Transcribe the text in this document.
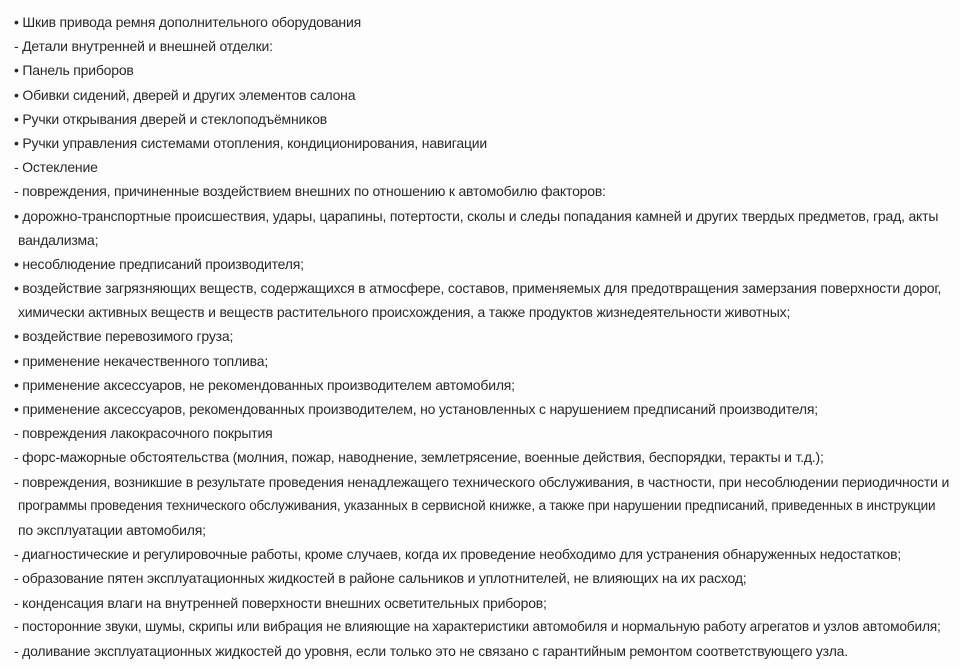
• Шкив привода ремня дополнительного оборудования
- Детали внутренней и внешней отделки:
• Панель приборов
• Обивки сидений, дверей и других элементов салона
• Ручки открывания дверей и стеклоподъёмников
• Ручки управления системами отопления, кондиционирования, навигации
- Остекление
- повреждения, причиненные воздействием внешних по отношению к автомобилю факторов:
• дорожно-транспортные происшествия, удары, царапины, потертости, сколы и следы попадания камней и других твердых предметов, град, акты
вандализма;
• несоблюдение предписаний производителя;
• воздействие загрязняющих веществ, содержащихся в атмосфере, составов, применяемых для предотвращения замерзания поверхности дорог,
химически активных веществ и веществ растительного происхождения, а также продуктов жизнедеятельности животных;
• воздействие перевозимого груза;
• применение некачественного топлива;
• применение аксессуаров, не рекомендованных производителем автомобиля;
• применение аксессуаров, рекомендованных производителем, но установленных с нарушением предписаний производителя;
- повреждения лакокрасочного покрытия
- форс-мажорные обстоятельства (молния, пожар, наводнение, землетрясение, военные действия, беспорядки, теракты и т.д.);
- повреждения, возникшие в результате проведения ненадлежащего технического обслуживания, в частности, при несоблюдении периодичности и
программы проведения технического обслуживания, указанных в сервисной книжке, а также при нарушении предписаний, приведенных в инструкции
по эксплуатации автомобиля;
- диагностические и регулировочные работы, кроме случаев, когда их проведение необходимо для устранения обнаруженных недостатков;
- образование пятен эксплуатационных жидкостей в районе сальников и уплотнителей, не влияющих на их расход;
- конденсация влаги на внутренней поверхности внешних осветительных приборов;
- посторонние звуки, шумы, скрипы или вибрация не влияющие на характеристики автомобиля и нормальную работу агрегатов и узлов автомобиля;
- доливание эксплуатационных жидкостей до уровня, если только это не связано с гарантийным ремонтом соответствующего узла.
